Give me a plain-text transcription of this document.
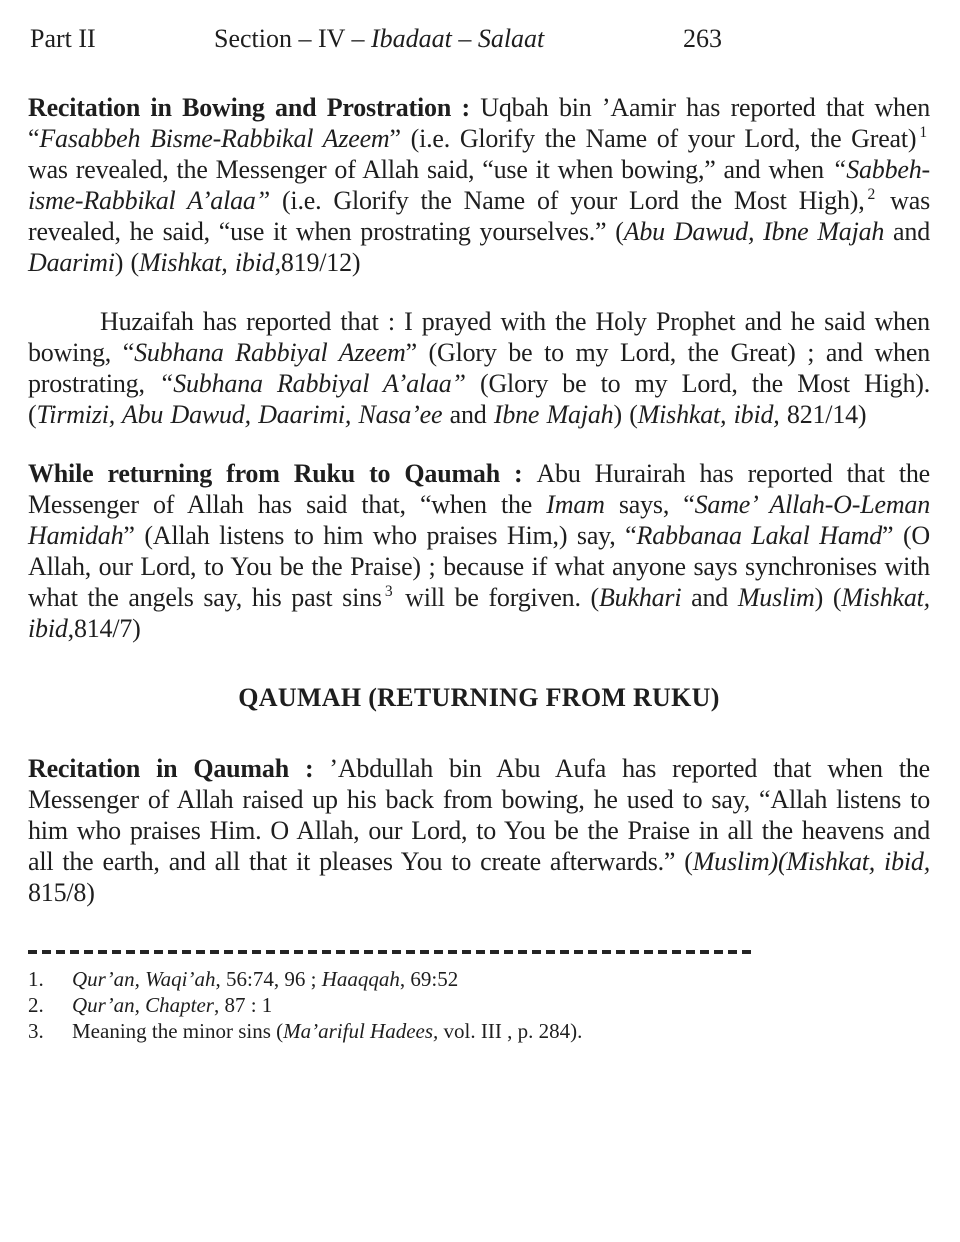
Part II	Section – IV – Ibadaat – Salaat	263

Recitation in Bowing and Prostration : Uqbah bin ’Aamir has reported that when “Fasabbeh Bisme-Rabbikal Azeem” (i.e. Glorify the Name of your Lord, the Great) $^1$ was revealed, the Messenger of Allah said, “use it when bowing,” and when “Sabbeh-isme-Rabbikal A’alaa” (i.e. Glorify the Name of your Lord the Most High), $^2$ was revealed, he said, “use it when prostrating yourselves.” (Abu Dawud, Ibne Majah and Daarimi) (Mishkat, ibid,819/12)

Huzaifah has reported that : I prayed with the Holy Prophet and he said when bowing, “Subhana Rabbiyal Azeem” (Glory be to my Lord, the Great) ; and when prostrating, “Subhana Rabbiyal A’alaa” (Glory be to my Lord, the Most High). (Tirmizi, Abu Dawud, Daarimi, Nasa’ee and Ibne Majah) (Mishkat, ibid, 821/14)

While returning from Ruku to Qaumah : Abu Hurairah has reported that the Messenger of Allah has said that, “when the Imam says, “Same’ Allah-O-Leman Hamidah” (Allah listens to him who praises Him,) say, “Rabbanaa Lakal Hamd” (O Allah, our Lord, to You be the Praise) ; because if what anyone says synchronises with what the angels say, his past sins $^3$ will be forgiven. (Bukhari and Muslim) (Mishkat, ibid,814/7)

QAUMAH (RETURNING FROM RUKU)

Recitation in Qaumah : ’Abdullah bin Abu Aufa has reported that when the Messenger of Allah raised up his back from bowing, he used to say, “Allah listens to him who praises Him. O Allah, our Lord, to You be the Praise in all the heavens and all the earth, and all that it pleases You to create afterwards.” (Muslim)(Mishkat, ibid, 815/8)

1.	Qur’an, Waqi’ah, 56:74, 96 ; Haaqqah, 69:52
2.	Qur’an, Chapter, 87 : 1
3.	Meaning the minor sins (Ma’ariful Hadees, vol. III , p. 284).
